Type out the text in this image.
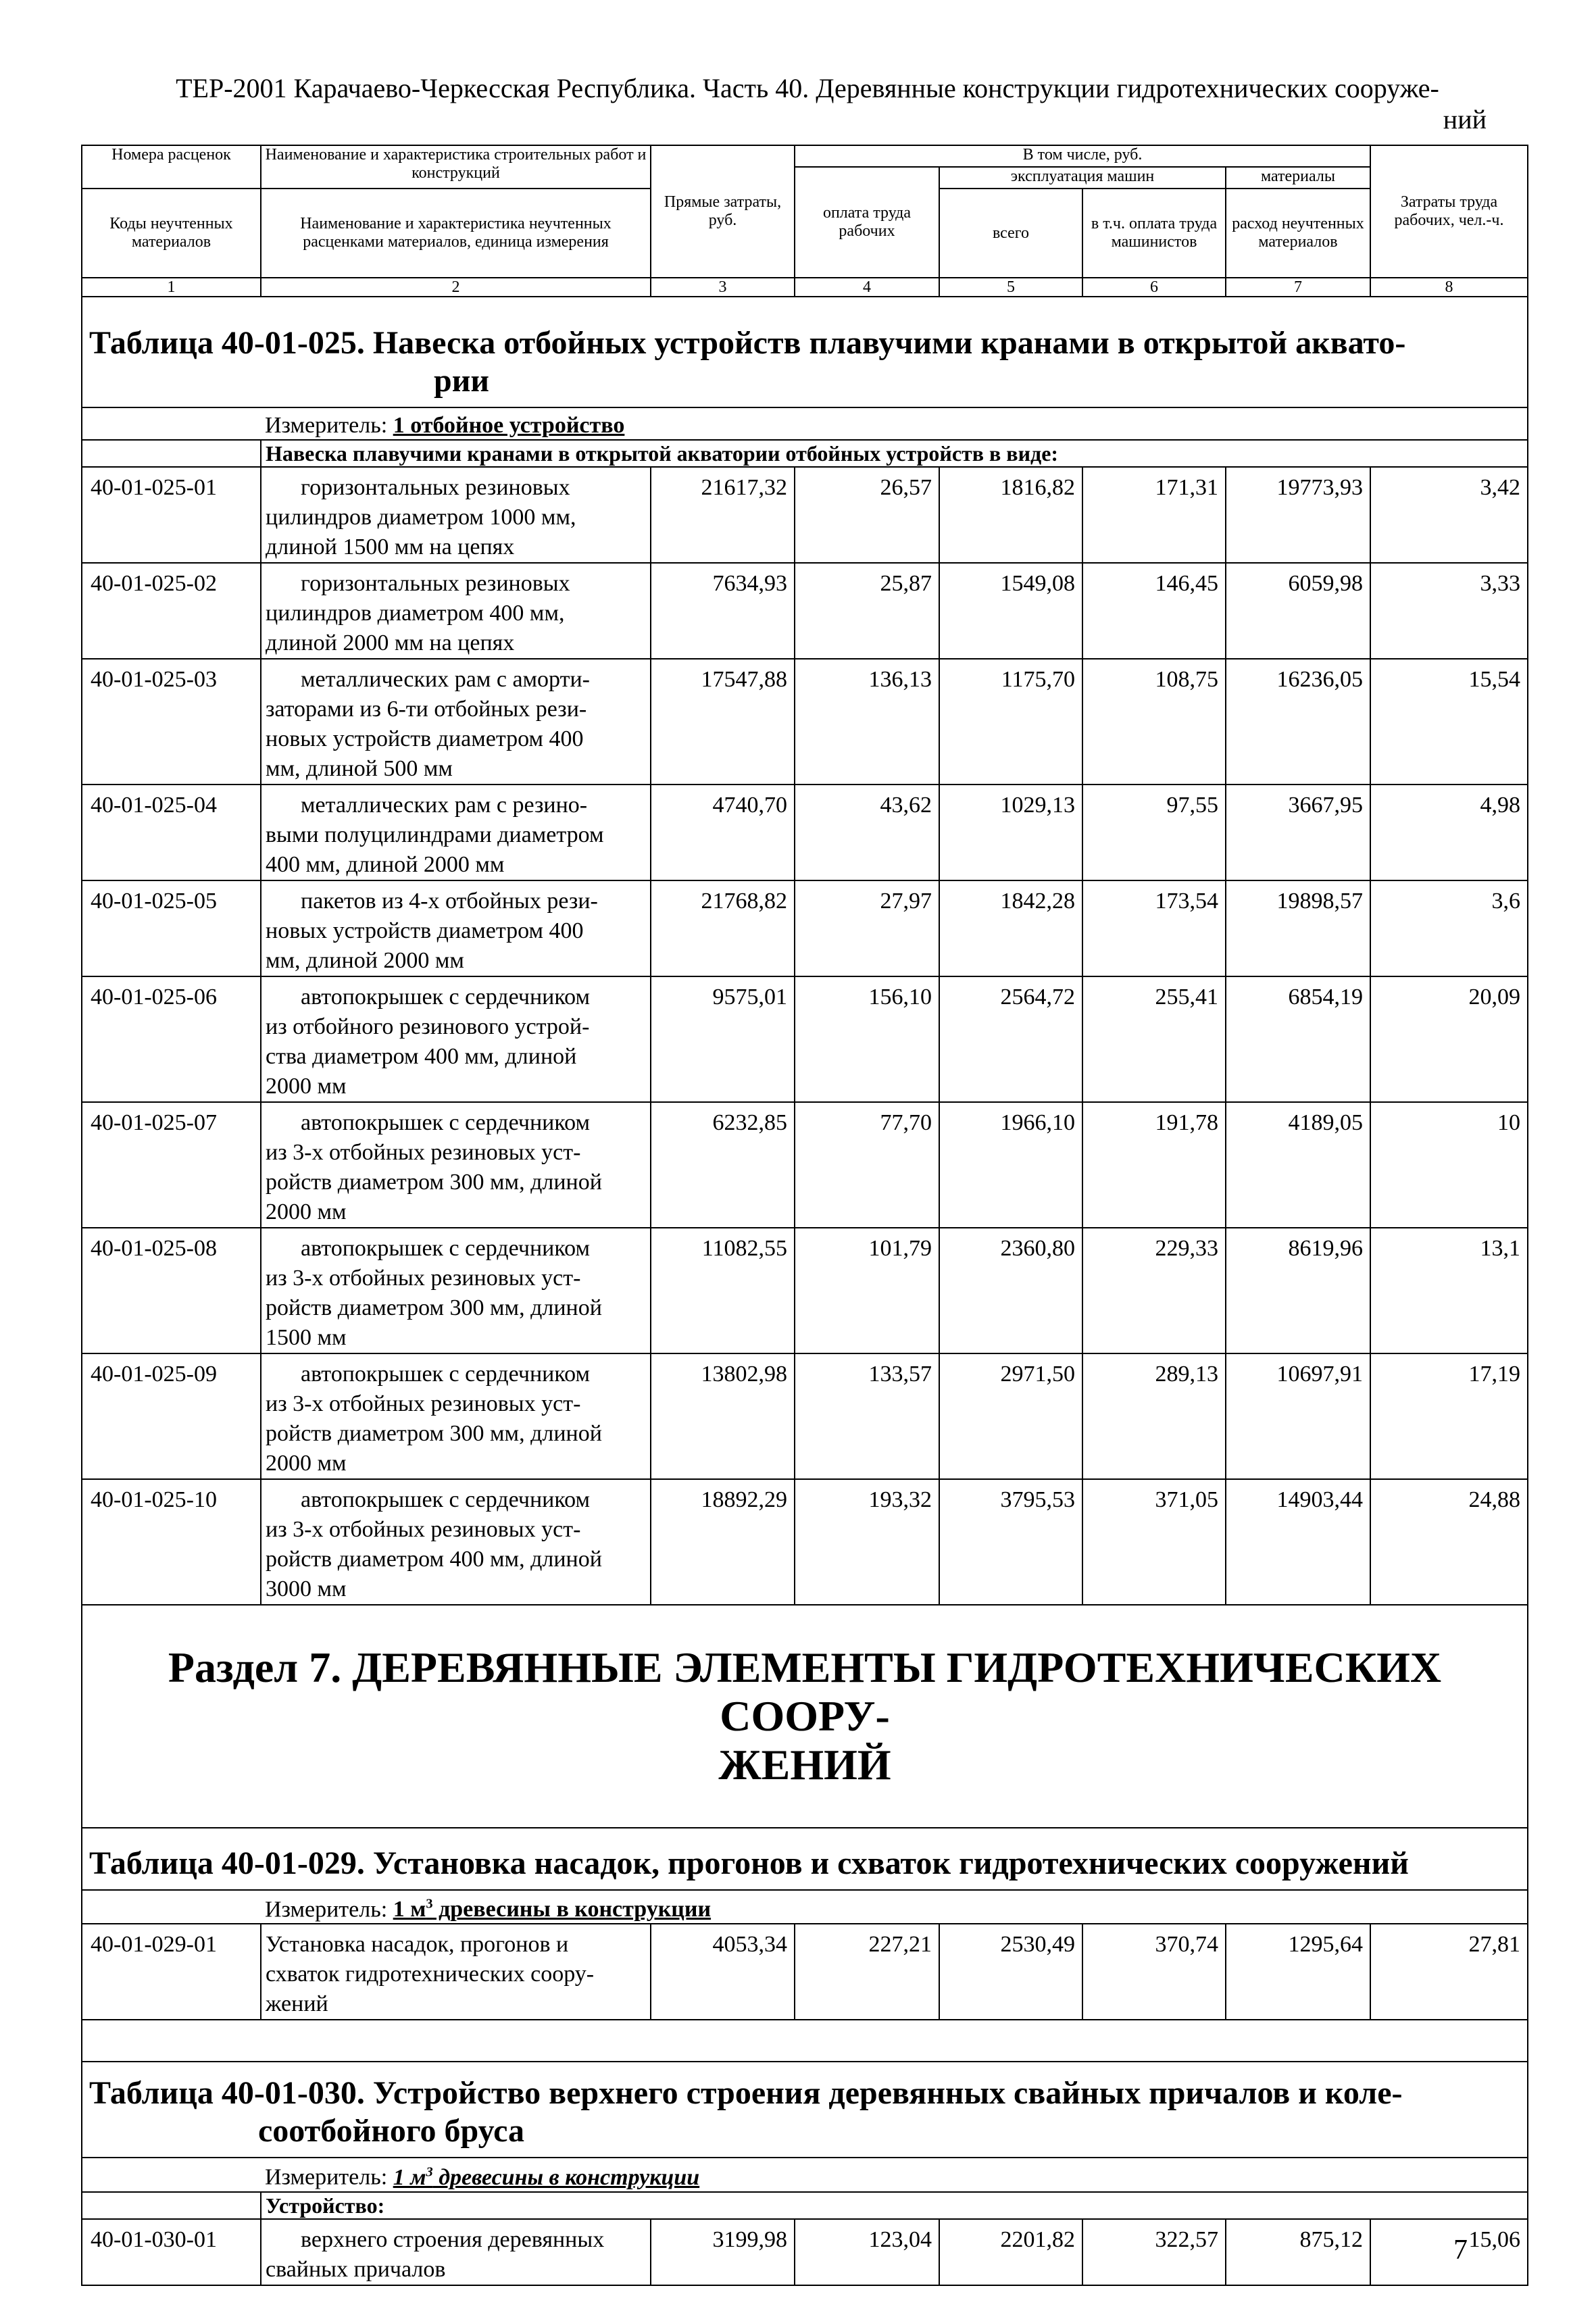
ТЕР-2001 Карачаево-Черкесская Республика. Часть 40. Деревянные конструкции гидротехнических сооруже-
ний
Номера расценок	Наименование и характеристика строительных работ и конструкций	Прямые затраты, руб.	В том числе, руб.				Затраты труда рабочих, чел.-ч.
			оплата труда рабочих	эксплуатация машин		материалы	
Коды неучтенных материалов	Наименование и характеристика неучтенных расценками материалов, единица измерения			всего	в т.ч. оплата труда машинистов	расход неучтенных материалов	

1	2	3	4	5	6	7	8
Таблица 40-01-025. Навеска отбойных устройств плавучими кранами в открытой аквато-
рии							

Измеритель: 1 отбойное устройство							
	Навеска плавучими кранами в открытой акватории отбойных устройств в виде:						
40-01-025-01	горизонтальных резиновых
цилиндров диаметром 1000 мм,
длиной 1500 мм на цепях	21617,32	26,57	1816,82	171,31	19773,93	3,42
40-01-025-02	горизонтальных резиновых
цилиндров диаметром 400 мм,
длиной 2000 мм на цепях	7634,93	25,87	1549,08	146,45	6059,98	3,33
40-01-025-03	металлических рам с аморти-
заторами из 6-ти отбойных рези-
новых устройств диаметром 400
мм, длиной 500 мм	17547,88	136,13	1175,70	108,75	16236,05	15,54
40-01-025-04	металлических рам с резино-
выми полуцилиндрами диаметром
400 мм, длиной 2000 мм	4740,70	43,62	1029,13	97,55	3667,95	4,98
40-01-025-05	пакетов из 4-х отбойных рези-
новых устройств диаметром 400
мм, длиной 2000 мм	21768,82	27,97	1842,28	173,54	19898,57	3,6
40-01-025-06	автопокрышек с сердечником
из отбойного резинового устрой-
ства диаметром 400 мм, длиной
2000 мм	9575,01	156,10	2564,72	255,41	6854,19	20,09
40-01-025-07	автопокрышек с сердечником
из 3-х отбойных резиновых уст-
ройств диаметром 300 мм, длиной
2000 мм	6232,85	77,70	1966,10	191,78	4189,05	10
40-01-025-08	автопокрышек с сердечником
из 3-х отбойных резиновых уст-
ройств диаметром 300 мм, длиной
1500 мм	11082,55	101,79	2360,80	229,33	8619,96	13,1
40-01-025-09	автопокрышек с сердечником
из 3-х отбойных резиновых уст-
ройств диаметром 300 мм, длиной
2000 мм	13802,98	133,57	2971,50	289,13	10697,91	17,19
40-01-025-10	автопокрышек с сердечником
из 3-х отбойных резиновых уст-
ройств диаметром 400 мм, длиной
3000 мм	18892,29	193,32	3795,53	371,05	14903,44	24,88
Раздел 7. ДЕРЕВЯННЫЕ ЭЛЕМЕНТЫ ГИДРОТЕХНИЧЕСКИХ СООРУ-
ЖЕНИЙ							
Таблица 40-01-029. Установка насадок, прогонов и схваток гидротехнических сооружений							
Измеритель: 1 $м^3$ древесины в конструкции							
40-01-029-01	Установка насадок, прогонов и
схваток гидротехнических соору-
жений	4053,34	227,21	2530,49	370,74	1295,64	27,81

Таблица 40-01-030. Устройство верхнего строения деревянных свайных причалов и коле-
соотбойного бруса							

Измеритель: 1 $м^3$ древесины в конструкции							
	Устройство:						
40-01-030-01	верхнего строения деревянных
свайных причалов	3199,98	123,04	2201,82	322,57	875,12	15,06
7
